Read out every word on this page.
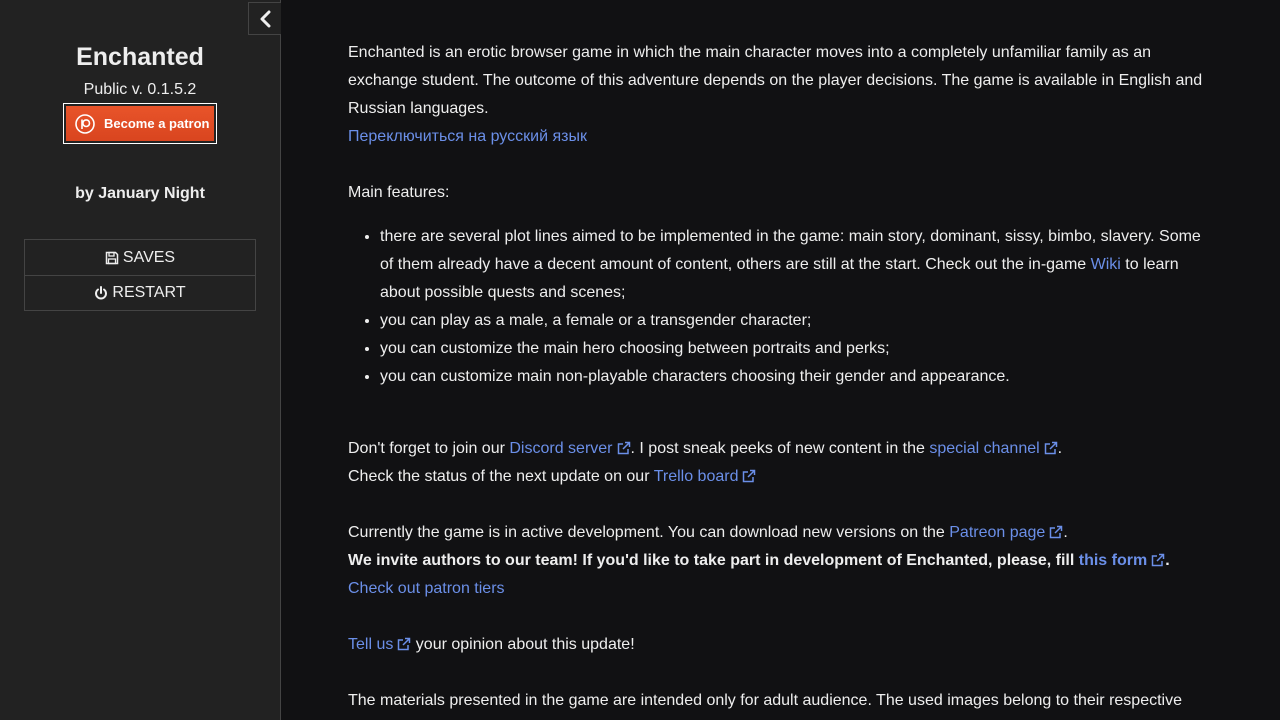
Enchanted
Public v. 0.1.5.2
Become a patron
by January Night
SAVES
RESTART

Enchanted is an erotic browser game in which the main character moves into a completely unfamiliar family as an exchange student. The outcome of this adventure depends on the player decisions. The game is available in English and Russian languages.

Переключиться на русский язык

Main features:

• there are several plot lines aimed to be implemented in the game: main story, dominant, sissy, bimbo, slavery. Some of them already have a decent amount of content, others are still at the start. Check out the in-game Wiki to learn about possible quests and scenes;
• you can play as a male, a female or a transgender character;
• you can customize the main hero choosing between portraits and perks;
• you can customize main non-playable characters choosing their gender and appearance.

Don't forget to join our Discord server . I post sneak peeks of new content in the special channel .

Check the status of the next update on our Trello board

Currently the game is in active development. You can download new versions on the Patreon page .

We invite authors to our team! If you'd like to take part in development of Enchanted, please, fill this form .

Check out patron tiers

Tell us your opinion about this update!

The materials presented in the game are intended only for adult audience. The used images belong to their respective
